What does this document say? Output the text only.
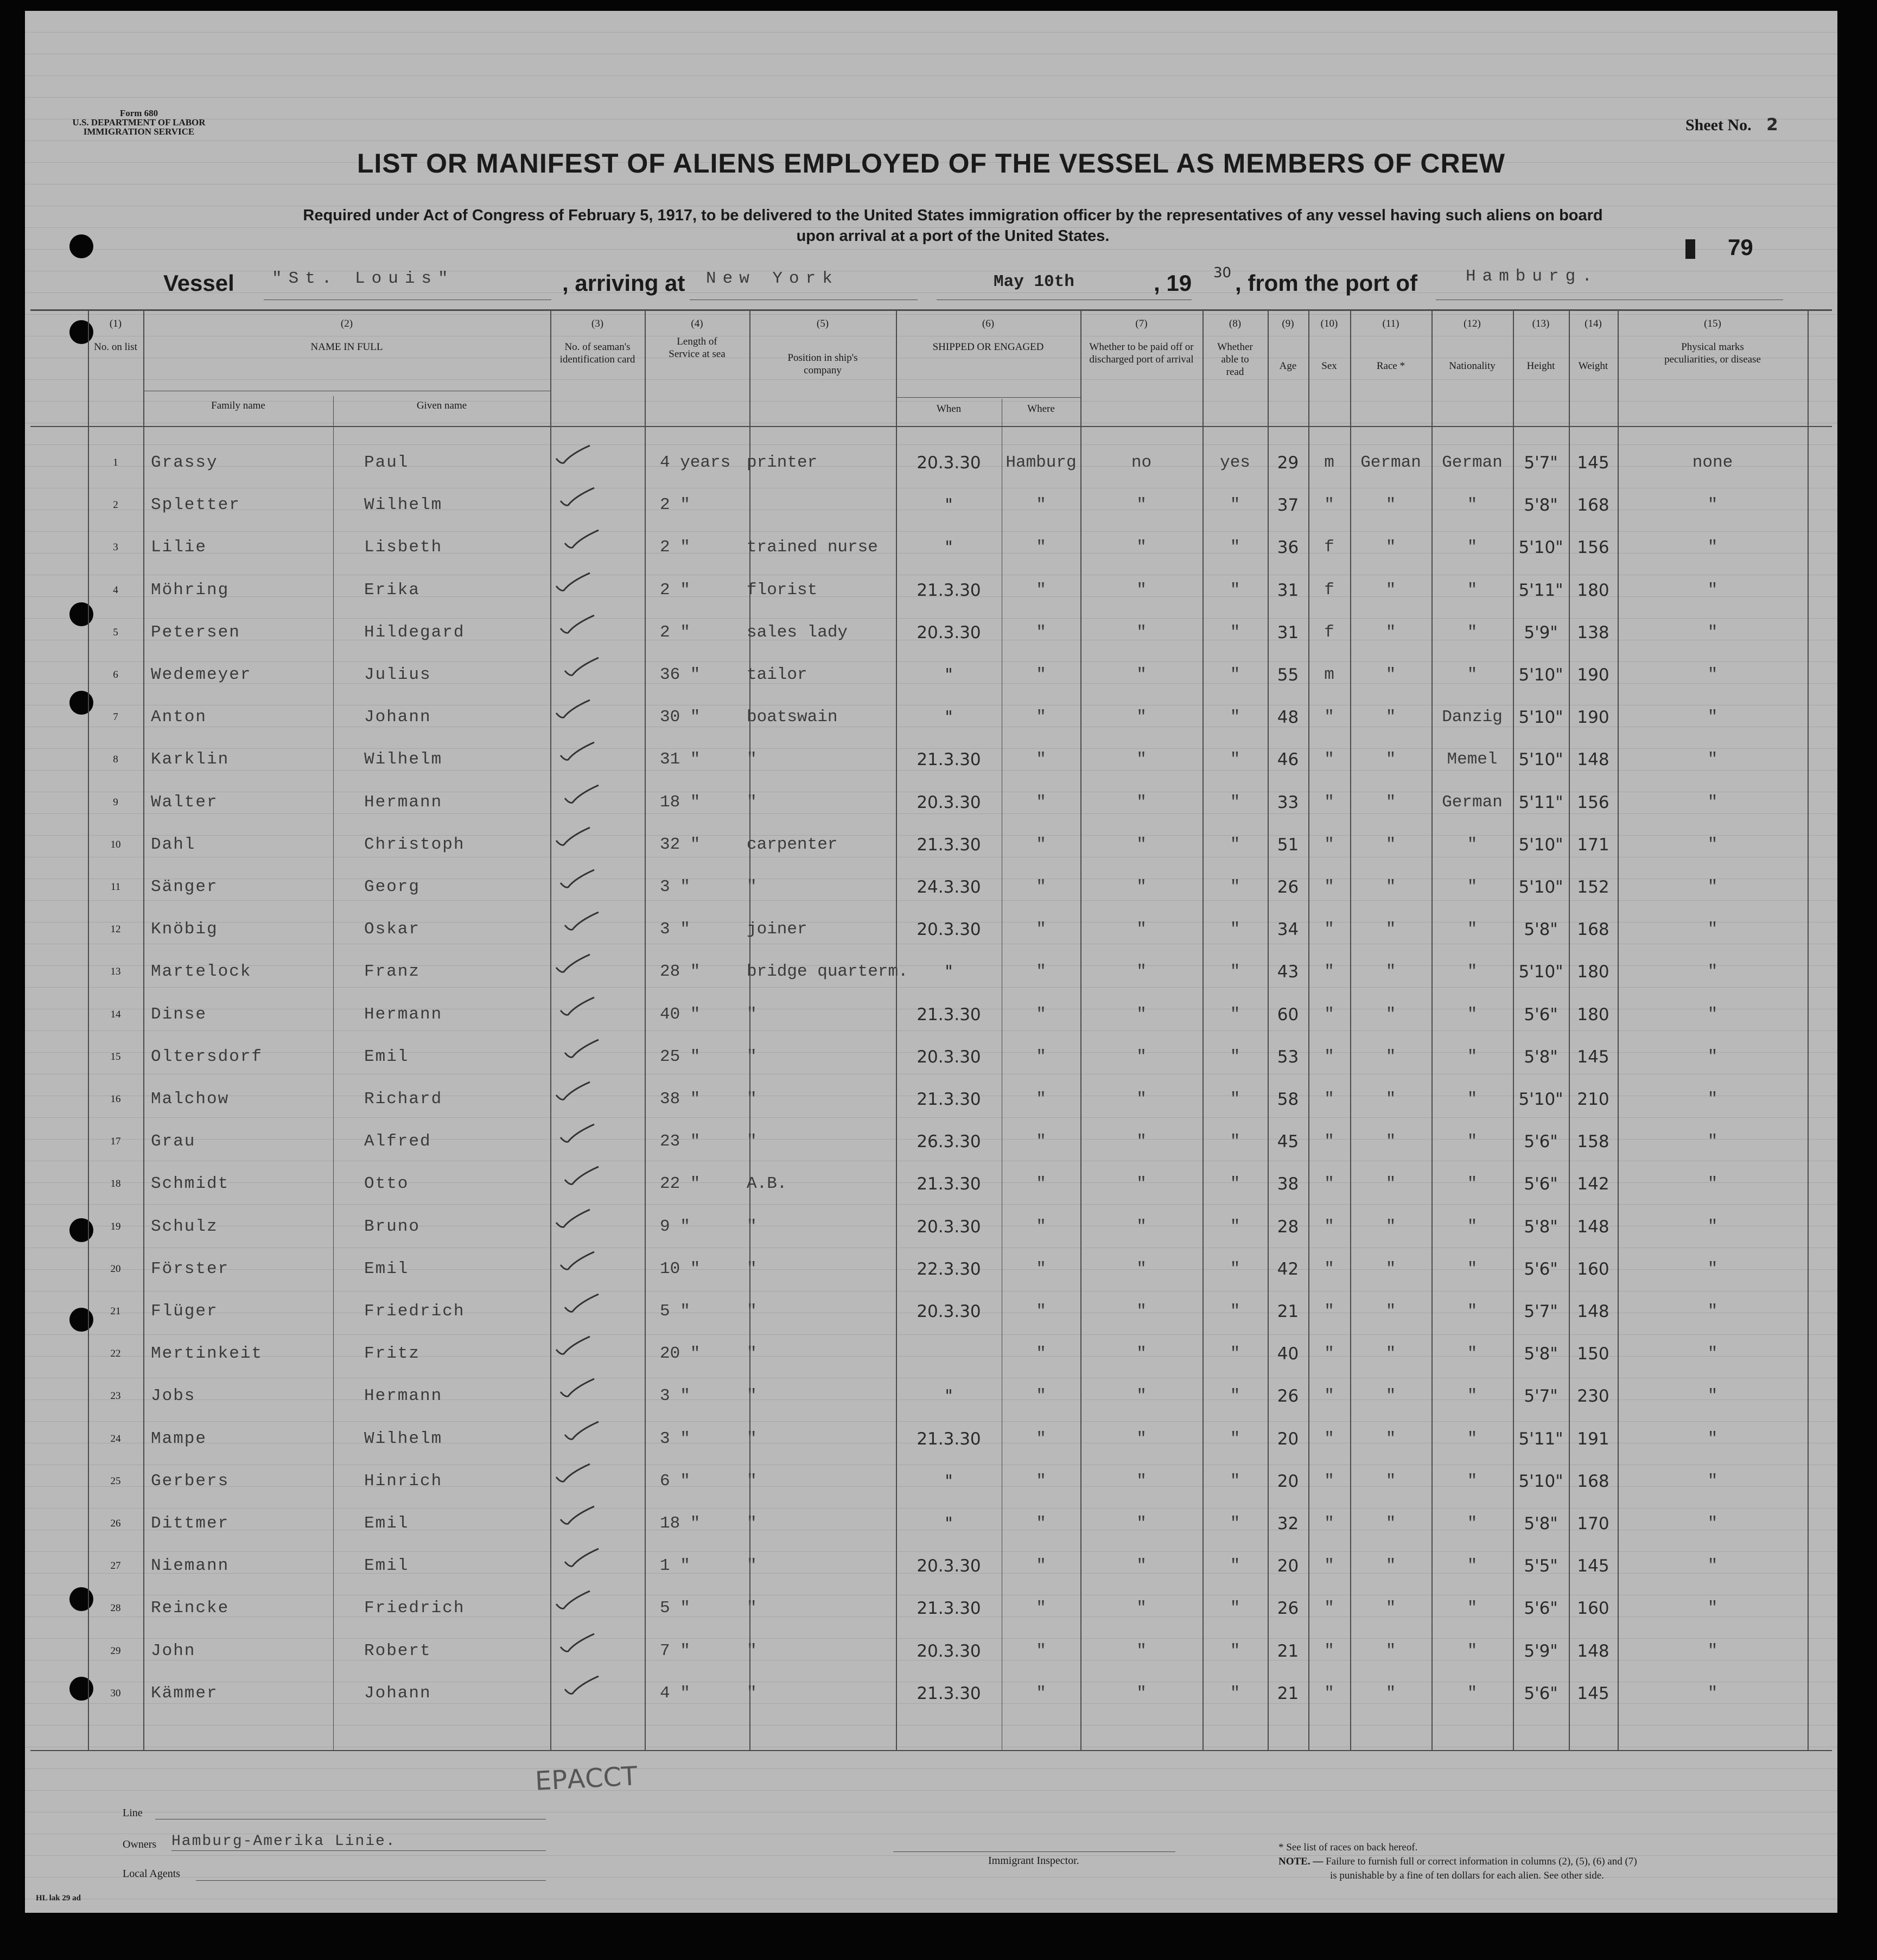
Form 680
U.S. DEPARTMENT OF LABOR
IMMIGRATION SERVICE	Sheet No. 2
LIST OR MANIFEST OF ALIENS EMPLOYED OF THE VESSEL AS MEMBERS OF CREW
Required under Act of Congress of February 5, 1917, to be delivered to the United States immigration officer by the representatives of any vessel having such aliens on board
upon arrival at a port of the United States.	79
Vessel "St. Louis"	, arriving at New York	May 10th	, 19 30 , from the port of	Hamburg.
(1)
No. on list
(2)
NAME IN FULL
Family name	Given name
(3)
No. of seaman's identification card
(4)
Length of Service at sea
(5)
Position in ship's company
(6)
SHIPPED OR ENGAGED
When	Where
(7)
Whether to be paid off or discharged port of arrival
(8)
Whether able to read
(9)
Age
(10)
Sex
(11)
Race *
(12)
Nationality
(13)
Height
(14)
Weight
(15)
Physical marks peculiarities, or disease
1	Grassy	Paul	4 years printer	20.3.30	Hamburg	no	yes	29	m	German	German	5'7"	145	none
2	Spletter	Wilhelm	2 "	"	"	"	"	37	"	"	"	5'8"	168	"
3	Lilie	Lisbeth	2 "	trained nurse	"	"	"	"	36	f	"	"	5'10" 156	"
4	Möhring	Erika	2 "	florist	21.3.30	"	"	"	31	f	"	"	5'11" 180	"
5	Petersen	Hildegard	2 "	sales lady	20.3.30	"	"	"	31	f	"	"	5'9"	138	"
6	Wedemeyer	Julius	36 "	tailor	"	"	"	"	55	m	"	"	5'10" 190	"
7	Anton	Johann	30 "	boatswain	"	"	"	"	48	"	"	Danzig 5'10" 190	"
8	Karklin	Wilhelm	31 "	"	21.3.30	"	"	"	46	"	"	Memel	5'10" 148	"
9	Walter	Hermann	18 "	"	20.3.30	"	"	"	33	"	"	German 5'11" 156	"
10	Dahl	Christoph	32 "	carpenter	21.3.30	"	"	"	51	"	"	"	5'10" 171	"
11	Sänger	Georg	3 "	"	24.3.30	"	"	"	26	"	"	"	5'10" 152	"
12	Knöbig	Oskar	3 "	joiner	20.3.30	"	"	"	34	"	"	"	5'8"	168	"
13	Martelock	Franz	28 "	bridge quarterm.	"	"	"	"	43	"	"	"	5'10" 180	"
14	Dinse	Hermann	40 "	"	21.3.30	"	"	"	60	"	"	"	5'6"	180	"
15	Oltersdorf	Emil	25 "	"	20.3.30	"	"	"	53	"	"	"	5'8"	145	"
16	Malchow	Richard	38 "	"	21.3.30	"	"	"	58	"	"	"	5'10" 210	"
17	Grau	Alfred	23 "	"	26.3.30	"	"	"	45	"	"	"	5'6"	158	"
18	Schmidt	Otto	22 "	A.B.	21.3.30	"	"	"	38	"	"	"	5'6"	142	"
19	Schulz	Bruno	9 "	"	20.3.30	"	"	"	28	"	"	"	5'8"	148	"
20	Förster	Emil	10 "	"	22.3.30	"	"	"	42	"	"	"	5'6"	160	"
21	Flüger	Friedrich	5 "	"	20.3.30	"	"	"	21	"	"	"	5'7"	148	"
22	Mertinkeit	Fritz	20 "	"	"	"	"	40	"	"	"	5'8"	150	"
23	Jobs	Hermann	3 "	"	"	"	"	"	26	"	"	"	5'7"	230	"
24	Mampe	Wilhelm	3 "	"	21.3.30	"	"	"	20	"	"	"	5'11" 191	"
25	Gerbers	Hinrich	6 "	"	"	"	"	"	20	"	"	"	5'10" 168	"
26	Dittmer	Emil	18 "	"	"	"	"	"	32	"	"	"	5'8"	170	"
27	Niemann	Emil	1 "	"	20.3.30	"	"	"	20	"	"	"	5'5"	145	"
28	Reincke	Friedrich	5 "	"	21.3.30	"	"	"	26	"	"	"	5'6"	160	"
29	John	Robert	7 "	"	20.3.30	"	"	"	21	"	"	"	5'9"	148	"
30	Kämmer	Johann	4 "	"	21.3.30	"	"	"	21	"	"	"	5'6"	145	"
ЕРАССТ
Line
Owners Hamburg-Amerika Linie.
Local Agents
Immigrant Inspector.
* See list of races on back hereof.
NOTE. — Failure to furnish full or correct information in columns (2), (5), (6) and (7)
is punishable by a fine of ten dollars for each alien. See other side.
HL lak 29 ad
